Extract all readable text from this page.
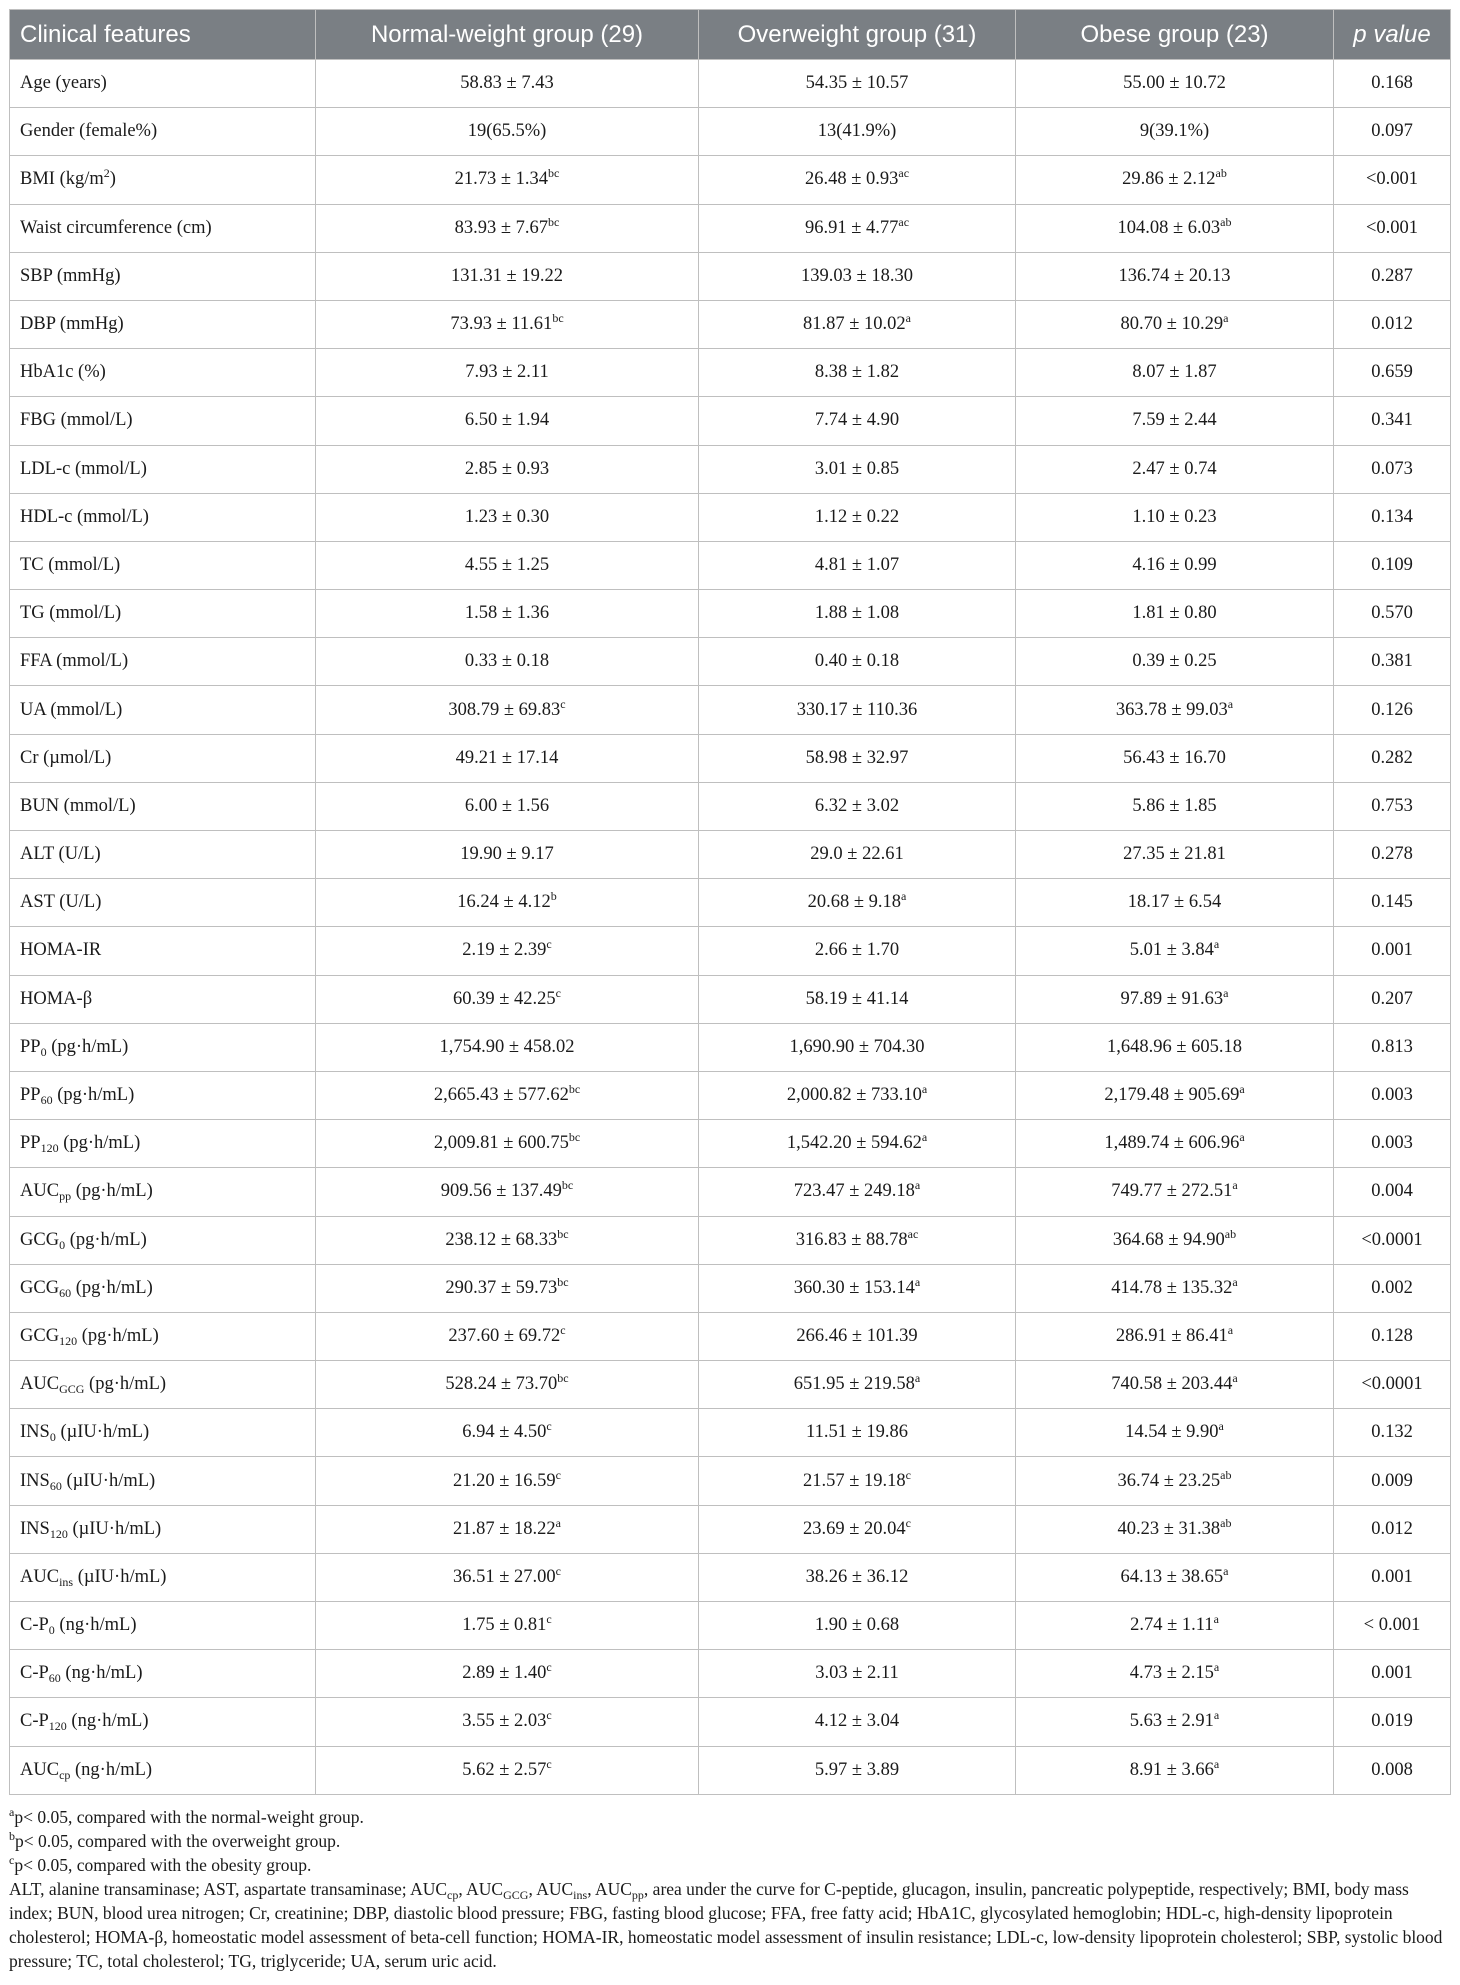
Clinical features	Normal-weight group (29)	Overweight group (31)	Obese group (23)	p value
Age (years)	58.83 ± 7.43	54.35 ± 10.57	55.00 ± 10.72	0.168
Gender (female%)	19(65.5%)	13(41.9%)	9(39.1%)	0.097
BMI $(kg/m^2)$	21.73 ± 1.34$^{bc}$	26.48 ± 0.93$^{ac}$	29.86 ± 2.12$^{ab}$	<0.001
Waist circumference (cm)	83.93 ± 7.67$^{bc}$	96.91 ± 4.77$^{ac}$	104.08 ± 6.03$^{ab}$	<0.001
SBP (mmHg)	131.31 ± 19.22	139.03 ± 18.30	136.74 ± 20.13	0.287
DBP (mmHg)	73.93 ± 11.61$^{bc}$	81.87 ± 10.02$^a$	80.70 ± 10.29$^a$	0.012
HbA1c (%)	7.93 ± 2.11	8.38 ± 1.82	8.07 ± 1.87	0.659
FBG (mmol/L)	6.50 ± 1.94	7.74 ± 4.90	7.59 ± 2.44	0.341
LDL-c (mmol/L)	2.85 ± 0.93	3.01 ± 0.85	2.47 ± 0.74	0.073
HDL-c (mmol/L)	1.23 ± 0.30	1.12 ± 0.22	1.10 ± 0.23	0.134
TC (mmol/L)	4.55 ± 1.25	4.81 ± 1.07	4.16 ± 0.99	0.109
TG (mmol/L)	1.58 ± 1.36	1.88 ± 1.08	1.81 ± 0.80	0.570
FFA (mmol/L)	0.33 ± 0.18	0.40 ± 0.18	0.39 ± 0.25	0.381
UA (mmol/L)	308.79 ± 69.83$^c$	330.17 ± 110.36	363.78 ± 99.03$^a$	0.126
Cr (µmol/L)	49.21 ± 17.14	58.98 ± 32.97	56.43 ± 16.70	0.282
BUN (mmol/L)	6.00 ± 1.56	6.32 ± 3.02	5.86 ± 1.85	0.753
ALT (U/L)	19.90 ± 9.17	29.0 ± 22.61	27.35 ± 21.81	0.278
AST (U/L)	16.24 ± 4.12$^b$	20.68 ± 9.18$^a$	18.17 ± 6.54	0.145
HOMA-IR	2.19 ± 2.39$^c$	2.66 ± 1.70	5.01 ± 3.84$^a$	0.001
HOMA-β	60.39 ± 42.25$^c$	58.19 ± 41.14	97.89 ± 91.63$^a$	0.207
$PP_0$ (pg·h/mL)	1,754.90 ± 458.02	1,690.90 ± 704.30	1,648.96 ± 605.18	0.813
$PP_{60}$ (pg·h/mL)	2,665.43 ± 577.62$^{bc}$	2,000.82 ± 733.10$^a$	2,179.48 ± 905.69$^a$	0.003
$PP_{120}$ (pg·h/mL)	2,009.81 ± 600.75$^{bc}$	1,542.20 ± 594.62$^a$	1,489.74 ± 606.96$^a$	0.003
$AUC_{pp}$ (pg·h/mL)	909.56 ± 137.49$^{bc}$	723.47 ± 249.18$^a$	749.77 ± 272.51$^a$	0.004
$GCG_0$ (pg·h/mL)	238.12 ± 68.33$^{bc}$	316.83 ± 88.78$^{ac}$	364.68 ± 94.90$^{ab}$	<0.0001
$GCG_{60}$ (pg·h/mL)	290.37 ± 59.73$^{bc}$	360.30 ± 153.14$^a$	414.78 ± 135.32$^a$	0.002
$GCG_{120}$ (pg·h/mL)	237.60 ± 69.72$^c$	266.46 ± 101.39	286.91 ± 86.41$^a$	0.128
$AUC_{GCG}$ (pg·h/mL)	528.24 ± 73.70$^{bc}$	651.95 ± 219.58$^a$	740.58 ± 203.44$^a$	<0.0001
$INS_0$ (µIU·h/mL)	6.94 ± 4.50$^c$	11.51 ± 19.86	14.54 ± 9.90$^a$	0.132
$INS_{60}$ (µIU·h/mL)	21.20 ± 16.59$^c$	21.57 ± 19.18$^c$	36.74 ± 23.25$^{ab}$	0.009
$INS_{120}$ (µIU·h/mL)	21.87 ± 18.22$^a$	23.69 ± 20.04$^c$	40.23 ± 31.38$^{ab}$	0.012
$AUC_{ins}$ (µIU·h/mL)	36.51 ± 27.00$^c$	38.26 ± 36.12	64.13 ± 38.65$^a$	0.001
$C-P_0$ (ng·h/mL)	1.75 ± 0.81$^c$	1.90 ± 0.68	2.74 ± 1.11$^a$	< 0.001
$C-P_{60}$ (ng·h/mL)	2.89 ± 1.40$^c$	3.03 ± 2.11	4.73 ± 2.15$^a$	0.001
$C-P_{120}$ (ng·h/mL)	3.55 ± 2.03$^c$	4.12 ± 3.04	5.63 ± 2.91$^a$	0.019
$AUC_{cp}$ (ng·h/mL)	5.62 ± 2.57$^c$	5.97 ± 3.89	8.91 ± 3.66$^a$	0.008

$^a$p< 0.05, compared with the normal-weight group.

$^b$p< 0.05, compared with the overweight group.

$^c$p< 0.05, compared with the obesity group.

ALT, alanine transaminase; AST, aspartate transaminase; $AUC_{cp}$, $AUC_{GCG}$, $AUC_{ins}$, $AUC_{pp}$, area under the curve for C-peptide, glucagon, insulin, pancreatic polypeptide, respectively; BMI, body mass index; BUN, blood urea nitrogen; Cr, creatinine; DBP, diastolic blood pressure; FBG, fasting blood glucose; FFA, free fatty acid; HbA1C, glycosylated hemoglobin; HDL-c, high-density lipoprotein cholesterol; HOMA-β, homeostatic model assessment of beta-cell function; HOMA-IR, homeostatic model assessment of insulin resistance; LDL-c, low-density lipoprotein cholesterol; SBP, systolic blood pressure; TC, total cholesterol; TG, triglyceride; UA, serum uric acid.
